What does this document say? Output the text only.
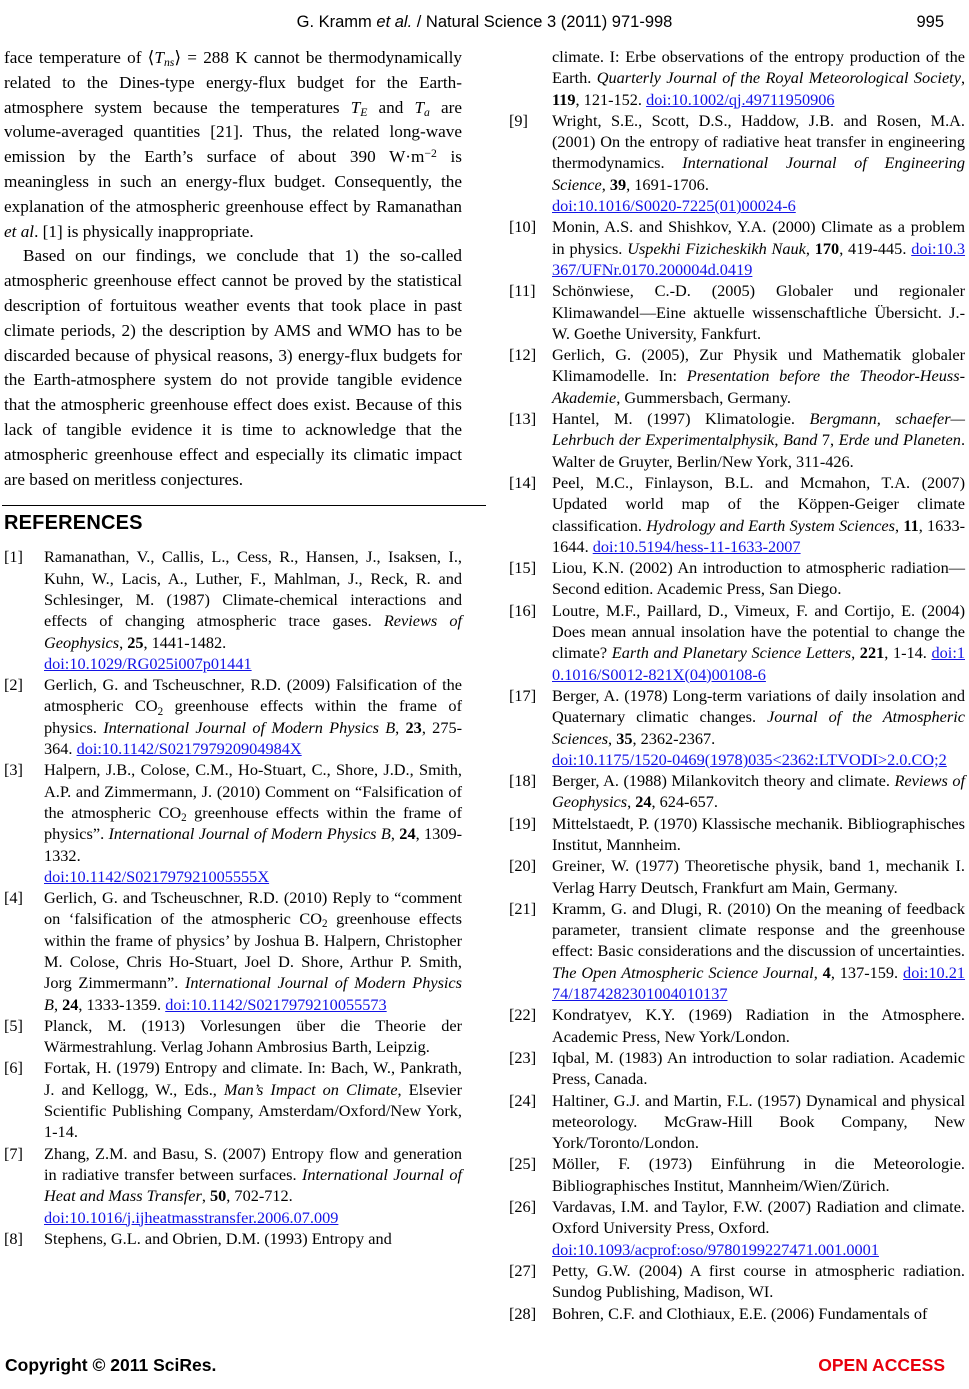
G. Kramm et al. / Natural Science 3 (2011) 971-998	995

face temperature of $⟨T_{ns}⟩ = 288$ K cannot be thermodynamically related to the Dines-type energy-flux budget for the Earth-atmosphere system because the temperatures $T_E$ and $T_a$ are volume-averaged quantities [21]. Thus, the related long-wave emission by the Earth’s surface of about 390 $W\cdot m^{-2}$ is meaningless in such an energy-flux budget. Consequently, the explanation of the atmospheric greenhouse effect by Ramanathan et al. [1] is physically inappropriate.

Based on our findings, we conclude that 1) the so-called atmospheric greenhouse effect cannot be proved by the statistical description of fortuitous weather events that took place in past climate periods, 2) the description by AMS and WMO has to be discarded because of physical reasons, 3) energy-flux budgets for the Earth-atmosphere system do not provide tangible evidence that the atmospheric greenhouse effect does exist. Because of this lack of tangible evidence it is time to acknowledge that the atmospheric greenhouse effect and especially its climatic impact are based on meritless conjectures.

REFERENCES
[1] Ramanathan, V., Callis, L., Cess, R., Hansen, J., Isaksen, I., Kuhn, W., Lacis, A., Luther, F., Mahlman, J., Reck, R. and Schlesinger, M. (1987) Climate-chemical interactions and effects of changing atmospheric trace gases. Reviews of Geophysics, 25, 1441-1482.
doi:10.1029/RG025i007p01441
[2] Gerlich, G. and Tscheuschner, R.D. (2009) Falsification of the atmospheric $CO_2$ greenhouse effects within the frame of physics. International Journal of Modern Physics B, 23, 275-364. doi:10.1142/S021797920904984X
[3] Halpern, J.B., Colose, C.M., Ho-Stuart, C., Shore, J.D., Smith, A.P. and Zimmermann, J. (2010) Comment on “Falsification of the atmospheric $CO_2$ greenhouse effects within the frame of physics”. International Journal of Modern Physics B, 24, 1309-1332.
doi:10.1142/S021797921005555X
[4] Gerlich, G. and Tscheuschner, R.D. (2010) Reply to “comment on ‘falsification of the atmospheric $CO_2$ greenhouse effects within the frame of physics’ by Joshua B. Halpern, Christopher M. Colose, Chris Ho-Stuart, Joel D. Shore, Arthur P. Smith, Jorg Zimmermann”. International Journal of Modern Physics B, 24, 1333-1359. doi:10.1142/S0217979210055573
[5] Planck, M. (1913) Vorlesungen über die Theorie der Wärmestrahlung. Verlag Johann Ambrosius Barth, Leipzig.
[6] Fortak, H. (1979) Entropy and climate. In: Bach, W., Pankrath, J. and Kellogg, W., Eds., Man’s Impact on Climate, Elsevier Scientific Publishing Company, Amsterdam/Oxford/New York, 1-14.
[7] Zhang, Z.M. and Basu, S. (2007) Entropy flow and generation in radiative transfer between surfaces. International Journal of Heat and Mass Transfer, 50, 702-712.
doi:10.1016/j.ijheatmasstransfer.2006.07.009
[8] Stephens, G.L. and Obrien, D.M. (1993) Entropy and
climate. I: Erbe observations of the entropy production of the Earth. Quarterly Journal of the Royal Meteorological Society, 119, 121-152. doi:10.1002/qj.49711950906
[9] Wright, S.E., Scott, D.S., Haddow, J.B. and Rosen, M.A. (2001) On the entropy of radiative heat transfer in engineering thermodynamics. International Journal of Engineering Science, 39, 1691-1706.
doi:10.1016/S0020-7225(01)00024-6
[10] Monin, A.S. and Shishkov, Y.A. (2000) Climate as a problem in physics. Uspekhi Fizicheskikh Nauk, 170, 419-445. doi:10.3367/UFNr.0170.200004d.0419
[11] Schönwiese, C.-D. (2005) Globaler und regionaler Klimawandel—Eine aktuelle wissenschaftliche Übersicht. J.-W. Goethe University, Fankfurt.
[12] Gerlich, G. (2005), Zur Physik und Mathematik globaler Klimamodelle. In: Presentation before the Theodor-Heuss-Akademie, Gummersbach, Germany.
[13] Hantel, M. (1997) Klimatologie. Bergmann, schaefer—Lehrbuch der Experimentalphysik, Band 7, Erde und Planeten. Walter de Gruyter, Berlin/New York, 311-426.
[14] Peel, M.C., Finlayson, B.L. and Mcmahon, T.A. (2007) Updated world map of the Köppen-Geiger climate classification. Hydrology and Earth System Sciences, 11, 1633-1644. doi:10.5194/hess-11-1633-2007
[15] Liou, K.N. (2002) An introduction to atmospheric radiation—Second edition. Academic Press, San Diego.
[16] Loutre, M.F., Paillard, D., Vimeux, F. and Cortijo, E. (2004) Does mean annual insolation have the potential to change the climate? Earth and Planetary Science Letters, 221, 1-14. doi:10.1016/S0012-821X(04)00108-6
[17] Berger, A. (1978) Long-term variations of daily insolation and Quaternary climatic changes. Journal of the Atmospheric Sciences, 35, 2362-2367.
doi:10.1175/1520-0469(1978)035<2362:LTVODI>2.0.CO;2
[18] Berger, A. (1988) Milankovitch theory and climate. Reviews of Geophysics, 24, 624-657.
[19] Mittelstaedt, P. (1970) Klassische mechanik. Bibliographisches Institut, Mannheim.
[20] Greiner, W. (1977) Theoretische physik, band 1, mechanik I. Verlag Harry Deutsch, Frankfurt am Main, Germany.
[21] Kramm, G. and Dlugi, R. (2010) On the meaning of feedback parameter, transient climate response and the greenhouse effect: Basic considerations and the discussion of uncertainties. The Open Atmospheric Science Journal, 4, 137-159. doi:10.2174/1874282301004010137
[22] Kondratyev, K.Y. (1969) Radiation in the Atmosphere. Academic Press, New York/London.
[23] Iqbal, M. (1983) An introduction to solar radiation. Academic Press, Canada.
[24] Haltiner, G.J. and Martin, F.L. (1957) Dynamical and physical meteorology. McGraw-Hill Book Company, New York/Toronto/London.
[25] Möller, F. (1973) Einführung in die Meteorologie. Bibliographisches Institut, Mannheim/Wien/Zürich.
[26] Vardavas, I.M. and Taylor, F.W. (2007) Radiation and climate. Oxford University Press, Oxford.
doi:10.1093/acprof:oso/9780199227471.001.0001
[27] Petty, G.W. (2004) A first course in atmospheric radiation. Sundog Publishing, Madison, WI.
[28] Bohren, C.F. and Clothiaux, E.E. (2006) Fundamentals of
Copyright © 2011 SciRes.	OPEN ACCESS
